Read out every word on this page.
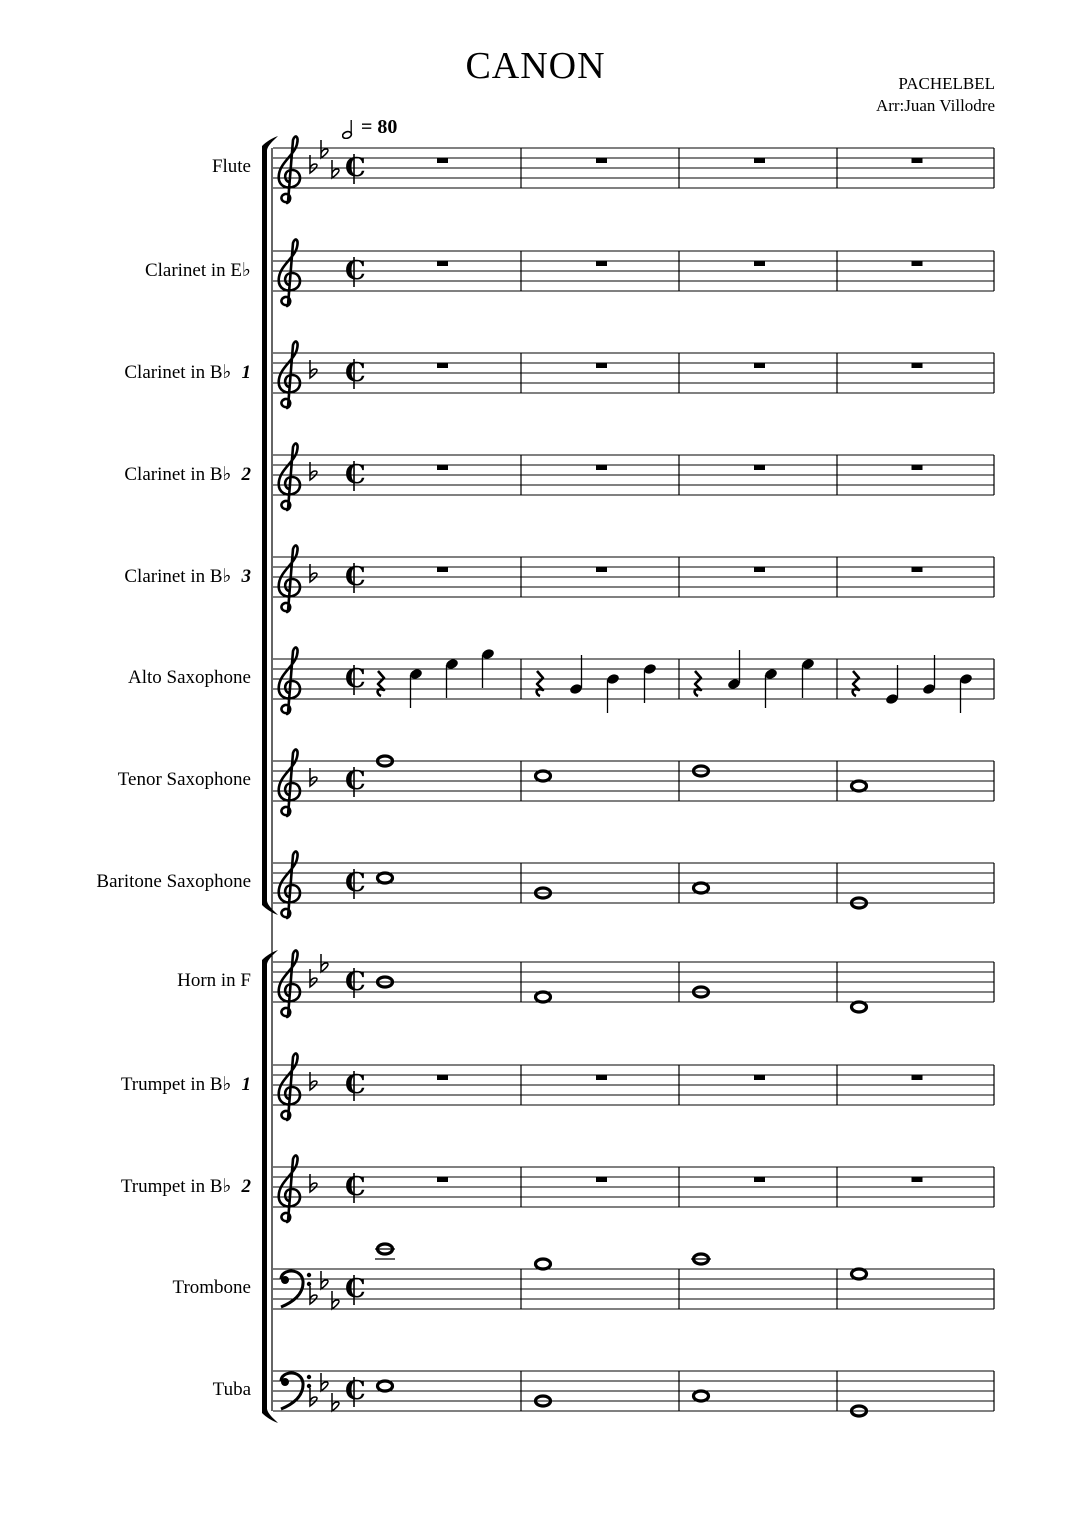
CANON	PACHELBEL
Arr:Juan Villodre
= 80
Flute
Clarinet in E♭
Clarinet in B♭ 1
Clarinet in B♭ 2
Clarinet in B♭ 3
Alto Saxophone
Tenor Saxophone
Baritone Saxophone
Horn in F
Trumpet in B♭ 1
Trumpet in B♭ 2
Trombone
Tuba
C
C
C
C
C
C
C
C
C
C
C
C
C
